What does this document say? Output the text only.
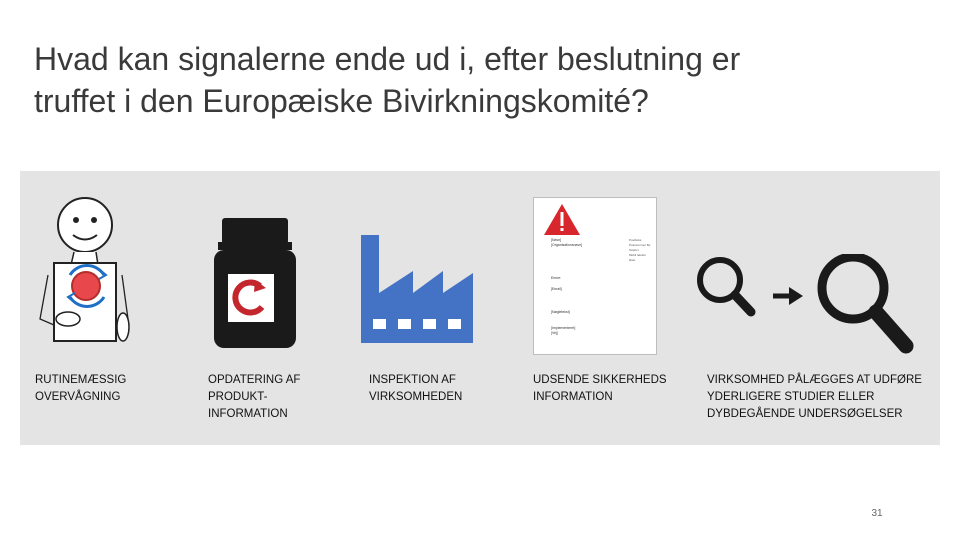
Hvad kan signalerne ende ud i, efter beslutning er
truffet i den Europæiske Bivirkningskomité?
[Navn]
[Organisationsnavn]
Emne:
[Email]
[Nøgletekst]
[Implementeret]
[Vej]
Postboks
Postnummer By
Telefon
Mobil telefon
Dato
RUTINEMÆSSIG
OVERVÅGNING
OPDATERING AF
PRODUKT-
INFORMATION
INSPEKTION AF
VIRKSOMHEDEN
UDSENDE SIKKERHEDS
INFORMATION
VIRKSOMHED PÅLÆGGES AT UDFØRE
YDERLIGERE STUDIER ELLER
DYBDEGÅENDE UNDERSØGELSER
31
